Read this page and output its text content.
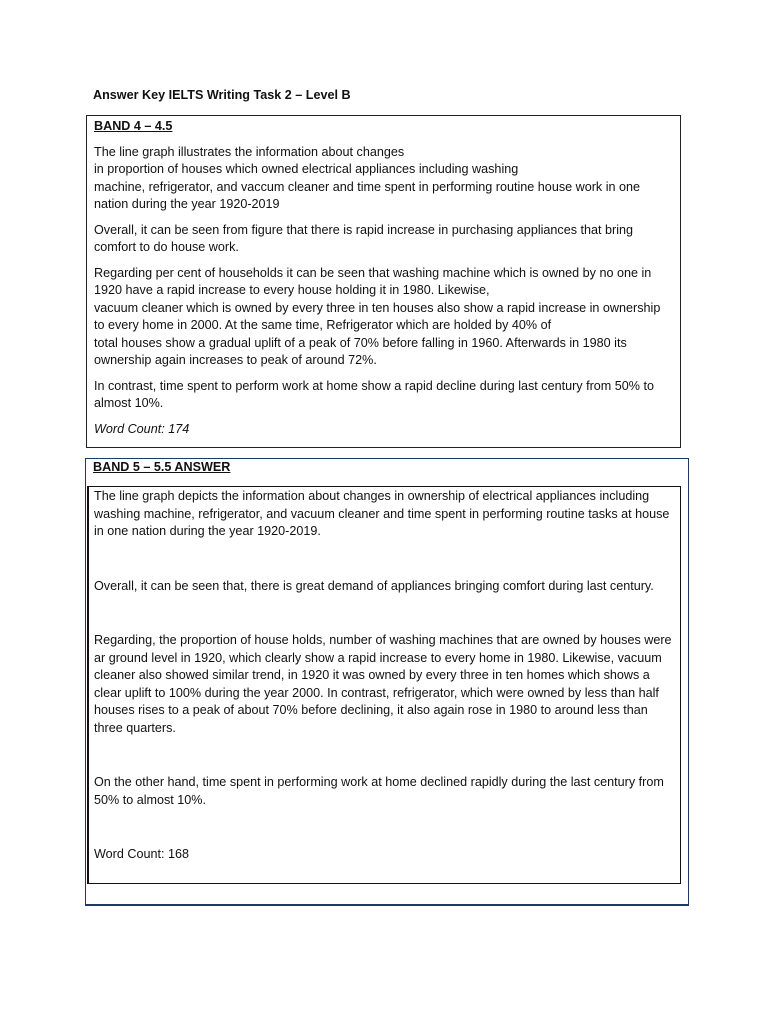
Answer Key IELTS Writing Task 2 – Level B
BAND 4 – 4.5
The line graph illustrates the information about changes
in proportion of houses which owned electrical appliances including washing
machine, refrigerator, and vaccum cleaner and time spent in performing routine house work in one nation during the year 1920-2019
Overall, it can be seen from figure that there is rapid increase in purchasing appliances that bring comfort to do house work.
Regarding per cent of households it can be seen that washing machine which is owned by no one in 1920 have a rapid increase to every house holding it in 1980. Likewise,
vacuum cleaner which is owned by every three in ten houses also show a rapid increase in ownership to every home in 2000. At the same time, Refrigerator which are holded by 40% of
total houses show a gradual uplift of a peak of 70% before falling in 1960. Afterwards in 1980 its ownership again increases to peak of around 72%.
In contrast, time spent to perform work at home show a rapid decline during last century from 50% to almost 10%.
Word Count: 174
BAND 5 – 5.5 ANSWER
The line graph depicts the information about changes in ownership of electrical appliances including washing machine, refrigerator, and vacuum cleaner and time spent in performing routine tasks at house in one nation during the year 1920-2019.
Overall, it can be seen that, there is great demand of appliances bringing comfort during last century.
Regarding, the proportion of house holds, number of washing machines that are owned by houses were ar ground level in 1920, which clearly show a rapid increase to every home in 1980. Likewise, vacuum cleaner also showed similar trend, in 1920 it was owned by every three in ten homes which shows a clear uplift to 100% during the year 2000. In contrast, refrigerator, which were owned by less than half houses rises to a peak of about 70% before declining, it also again rose in 1980 to around less than three quarters.
On the other hand, time spent in performing work at home declined rapidly during the last century from 50% to almost 10%.
Word Count: 168
